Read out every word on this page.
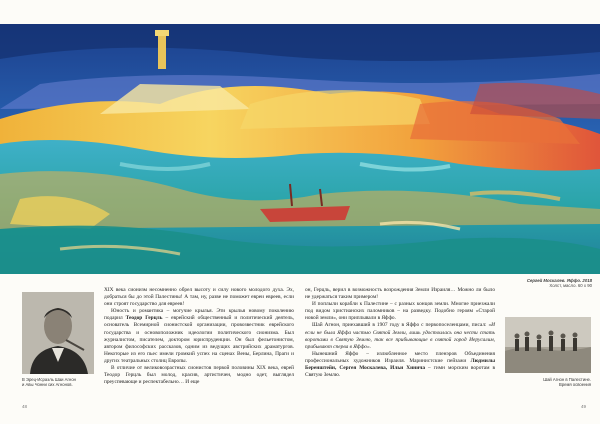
Сергей Москалев. Яффо. 2018
Холст, масло. 60 x 90
В Эрец-Исраэль Шаи Агнон
и Авы Чонни сих Агнонов.

XIX века сионизм несомненно обрел высоту и силу нового молодого духа. Эх, добраться бы до этой Палестины! А там, ну, разве не поможет евреи евреев, если они строят государство для евреев!

Юность и романтика – могучие крылья. Эти крылья новому поколению подарил Теодор Герцль – еврейский общественный и политический деятель, основатель Всемирной сионистской организации, провозвестник еврейского государства и основоположник идеологии политического сионизма. Был журналистом, писателем, доктором юриспруденции. Он был фельетонистом, автором философских рассказов, одним из ведущих австрийских драматургов. Некоторые из его пьес имели громкий успех на сценах Вены, Берлина, Праги и других театральных столиц Европы.

В отличие от великовозрастных сионистов первой половины XIX века, еврей Теодор Герцль был молод, красив, артистичен, модно одет, выглядел преуспевающе и респектабельно… И еще

он, Герцль, верил в возможность возрождения Земли Израиля… Можно ли было не удержаться таким примером!

И поплыли корабли к Палестине – с разных концов земли. Многие приезжали под видом христианских паломников – на разведку. Подобно героям «Старой новой земли», они приплывали в Яффо.

Шай Агнон, приехавший в 1907 году в Яффо с первопоселенцами, писал: «И если не была Яффа частью Святой Земли, лишь удостоилась она чести стать воротами в Святую Землю, так все прибывающие в святой город Иерусалим, прибывают сперва в Яффо».

Нынешний Яффо – излюбленное место пленэров Объединения профессиональных художников Израиля. Маринистские пейзажи Людмилы Беренштейн, Сергея Москалева, Ильи Хинича – гимн морским воротам в Святую Землю.

Шай Агнон в Палестине.
Время освоения
48	49
